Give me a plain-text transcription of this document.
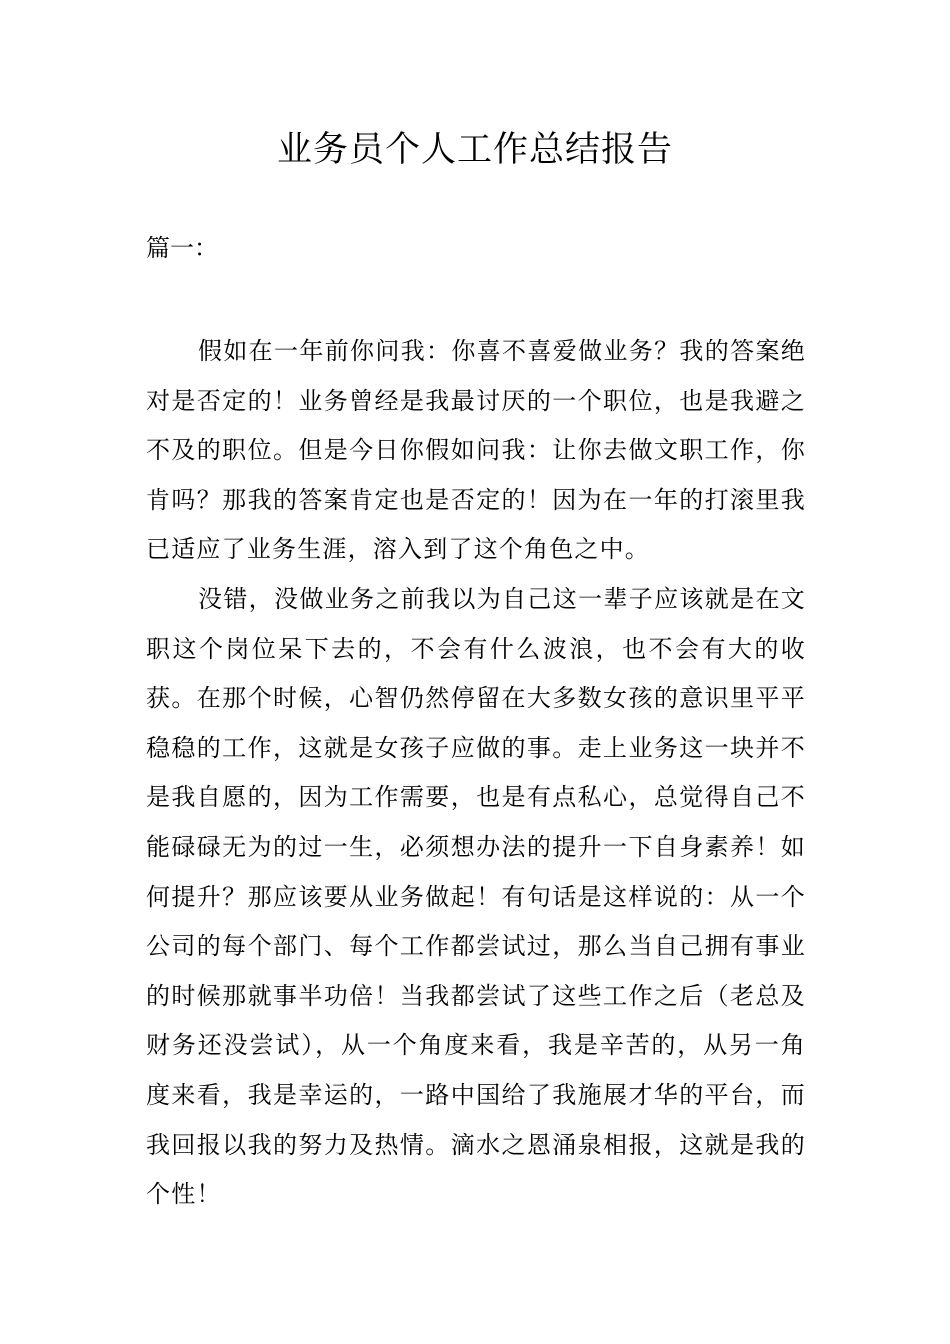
业务员个人工作总结报告

篇一：

假如在一年前你问我：你喜不喜爱做业务？我的答案绝对是否定的！业务曾经是我最讨厌的一个职位，也是我避之不及的职位。但是今日你假如问我：让你去做文职工作，你肯吗？那我的答案肯定也是否定的！因为在一年的打滚里我已适应了业务生涯，溶入到了这个角色之中。

没错，没做业务之前我以为自己这一辈子应该就是在文职这个岗位呆下去的，不会有什么波浪，也不会有大的收获。在那个时候，心智仍然停留在大多数女孩的意识里平平稳稳的工作，这就是女孩子应做的事。走上业务这一块并不是我自愿的，因为工作需要，也是有点私心，总觉得自己不能碌碌无为的过一生，必须想办法的提升一下自身素养！如何提升？那应该要从业务做起！有句话是这样说的：从一个公司的每个部门、每个工作都尝试过，那么当自己拥有事业的时候那就事半功倍！当我都尝试了这些工作之后（老总及财务还没尝试），从一个角度来看，我是辛苦的，从另一角度来看，我是幸运的，一路中国给了我施展才华的平台，而我回报以我的努力及热情。滴水之恩涌泉相报，这就是我的个性！
